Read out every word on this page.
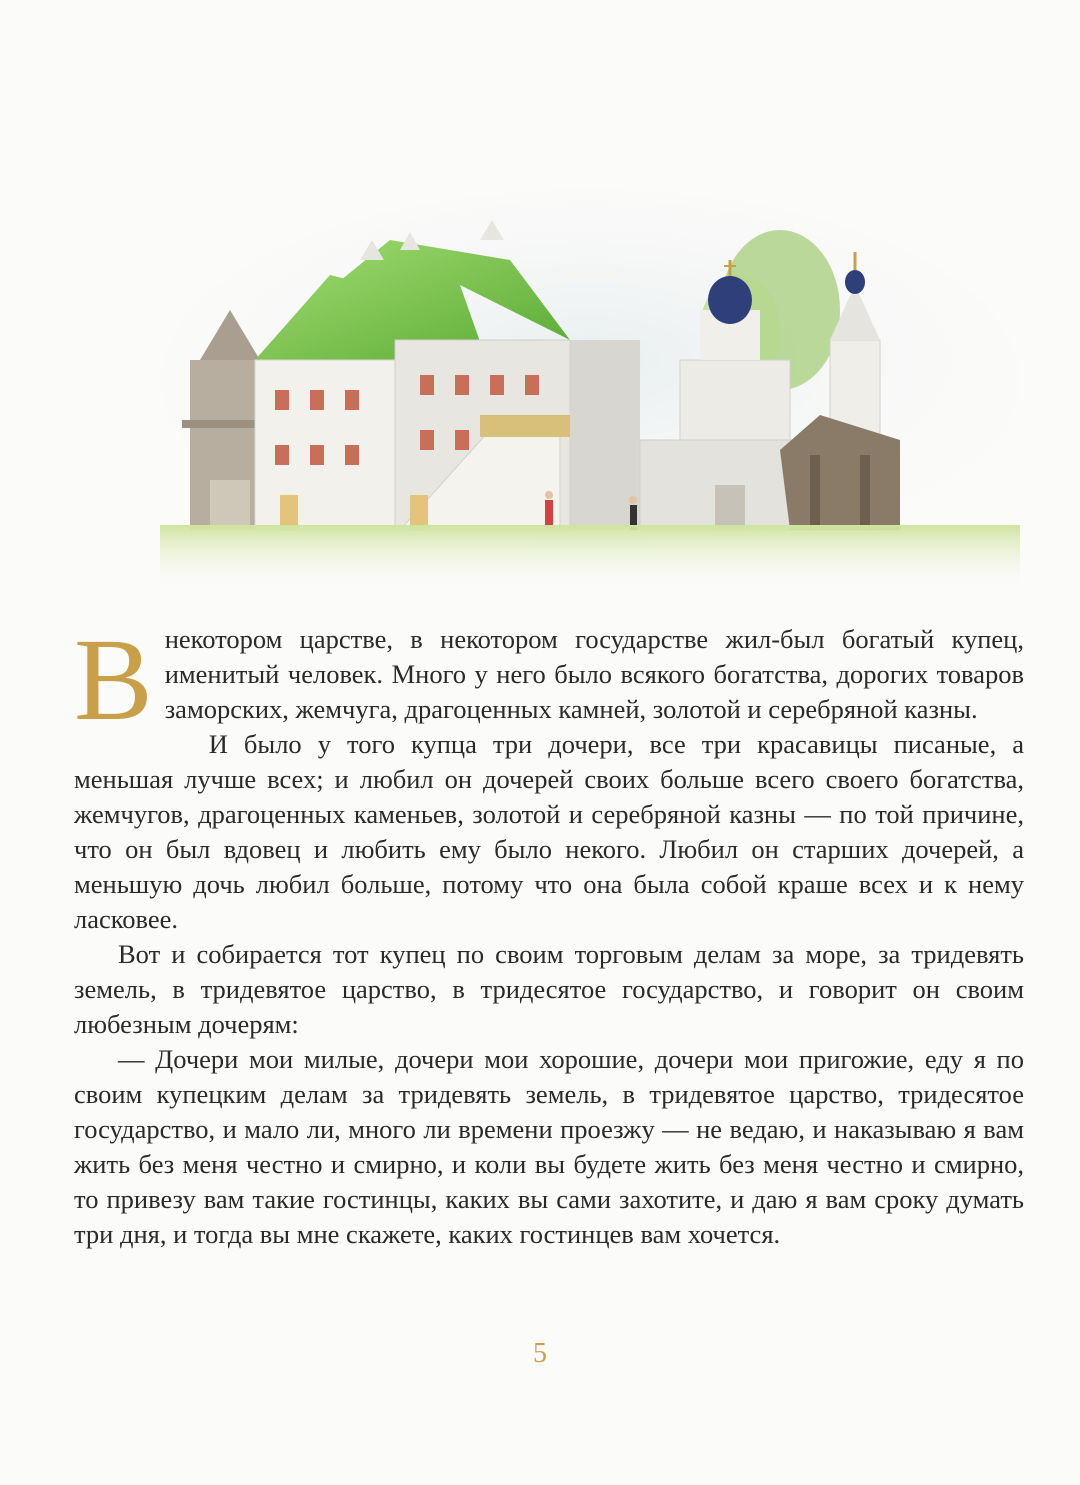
Внекотором царстве, в некотором государстве жил-был богатый купец, именитый человек. Много у него было всякого богатства, дорогих товаров заморских, жемчуга, драгоценных камней, золотой и серебряной казны.

И было у того купца три дочери, все три красавицы писаные, а меньшая лучше всех; и любил он дочерей своих больше всего своего богатства, жемчугов, драгоценных каменьев, золотой и серебряной казны — по той причине, что он был вдовец и любить ему было некого. Любил он старших дочерей, а меньшую дочь любил больше, потому что она была собой краше всех и к нему ласковее.

Вот и собирается тот купец по своим торговым делам за море, за тридевять земель, в тридевятое царство, в тридесятое государство, и говорит он своим любезным дочерям:

— Дочери мои милые, дочери мои хорошие, дочери мои пригожие, еду я по своим купецким делам за тридевять земель, в тридевятое царство, тридесятое государство, и мало ли, много ли времени проезжу — не ведаю, и наказываю я вам жить без меня честно и смирно, и коли вы будете жить без меня честно и смирно, то привезу вам такие гостинцы, каких вы сами захотите, и даю я вам сроку думать три дня, и тогда вы мне скажете, каких гостинцев вам хочется.

5
